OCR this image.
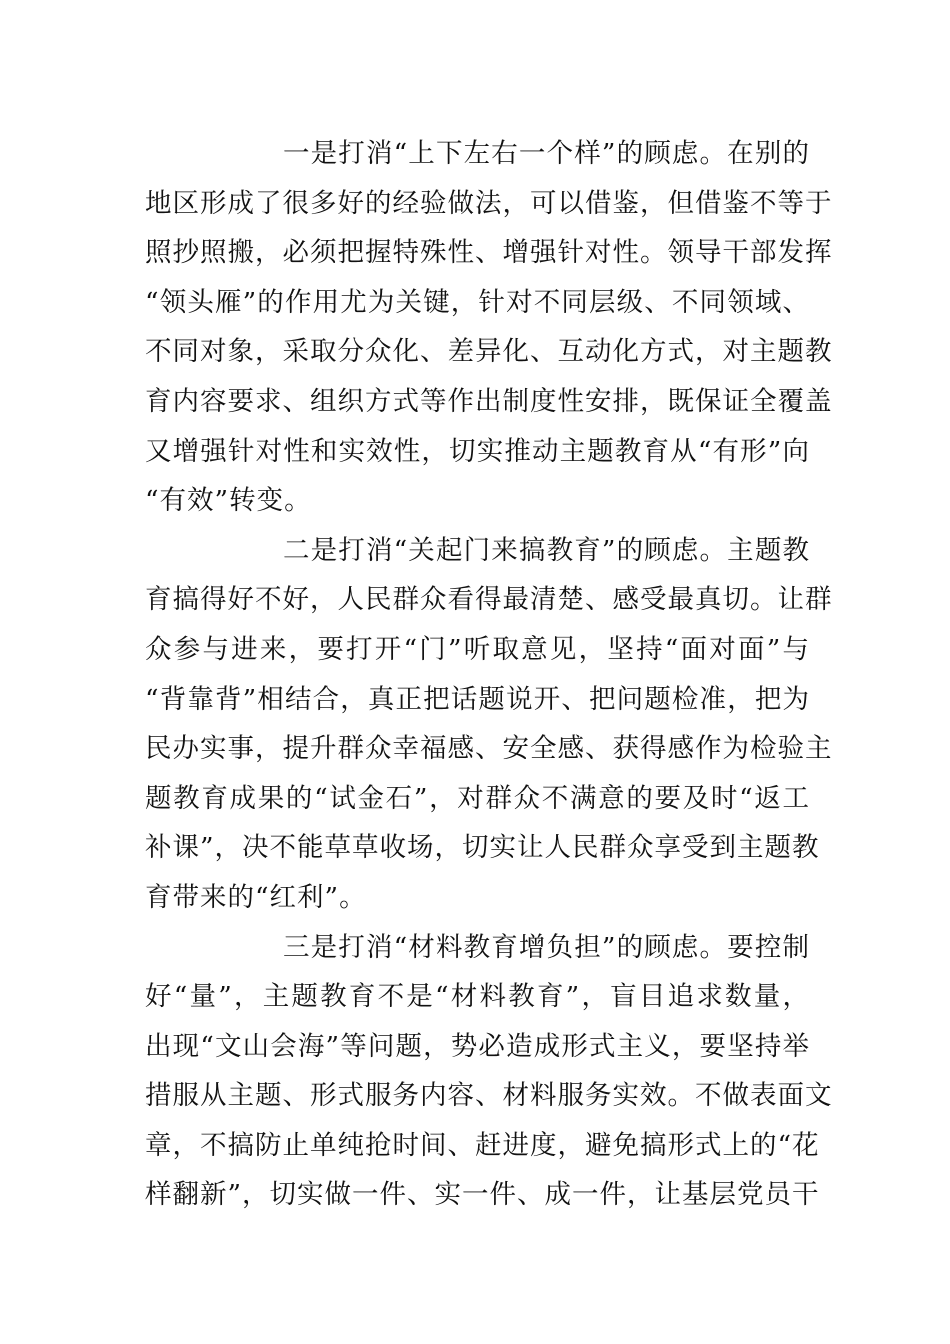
一是打消“上下左右一个样”的顾虑。在别的
地区形成了很多好的经验做法，可以借鉴，但借鉴不等于
照抄照搬，必须把握特殊性、增强针对性。领导干部发挥
“领头雁”的作用尤为关键，针对不同层级、不同领域、
不同对象，采取分众化、差异化、互动化方式，对主题教
育内容要求、组织方式等作出制度性安排，既保证全覆盖
又增强针对性和实效性，切实推动主题教育从“有形”向
“有效”转变。
二是打消“关起门来搞教育”的顾虑。主题教
育搞得好不好，人民群众看得最清楚、感受最真切。让群
众参与进来，要打开“门”听取意见，坚持“面对面”与
“背靠背”相结合，真正把话题说开、把问题检准，把为
民办实事，提升群众幸福感、安全感、获得感作为检验主
题教育成果的“试金石”，对群众不满意的要及时“返工
补课”，决不能草草收场，切实让人民群众享受到主题教
育带来的“红利”。
三是打消“材料教育增负担”的顾虑。要控制
好“量”，主题教育不是“材料教育”，盲目追求数量，
出现“文山会海”等问题，势必造成形式主义，要坚持举
措服从主题、形式服务内容、材料服务实效。不做表面文
章，不搞防止单纯抢时间、赶进度，避免搞形式上的“花
样翻新”，切实做一件、实一件、成一件，让基层党员干
